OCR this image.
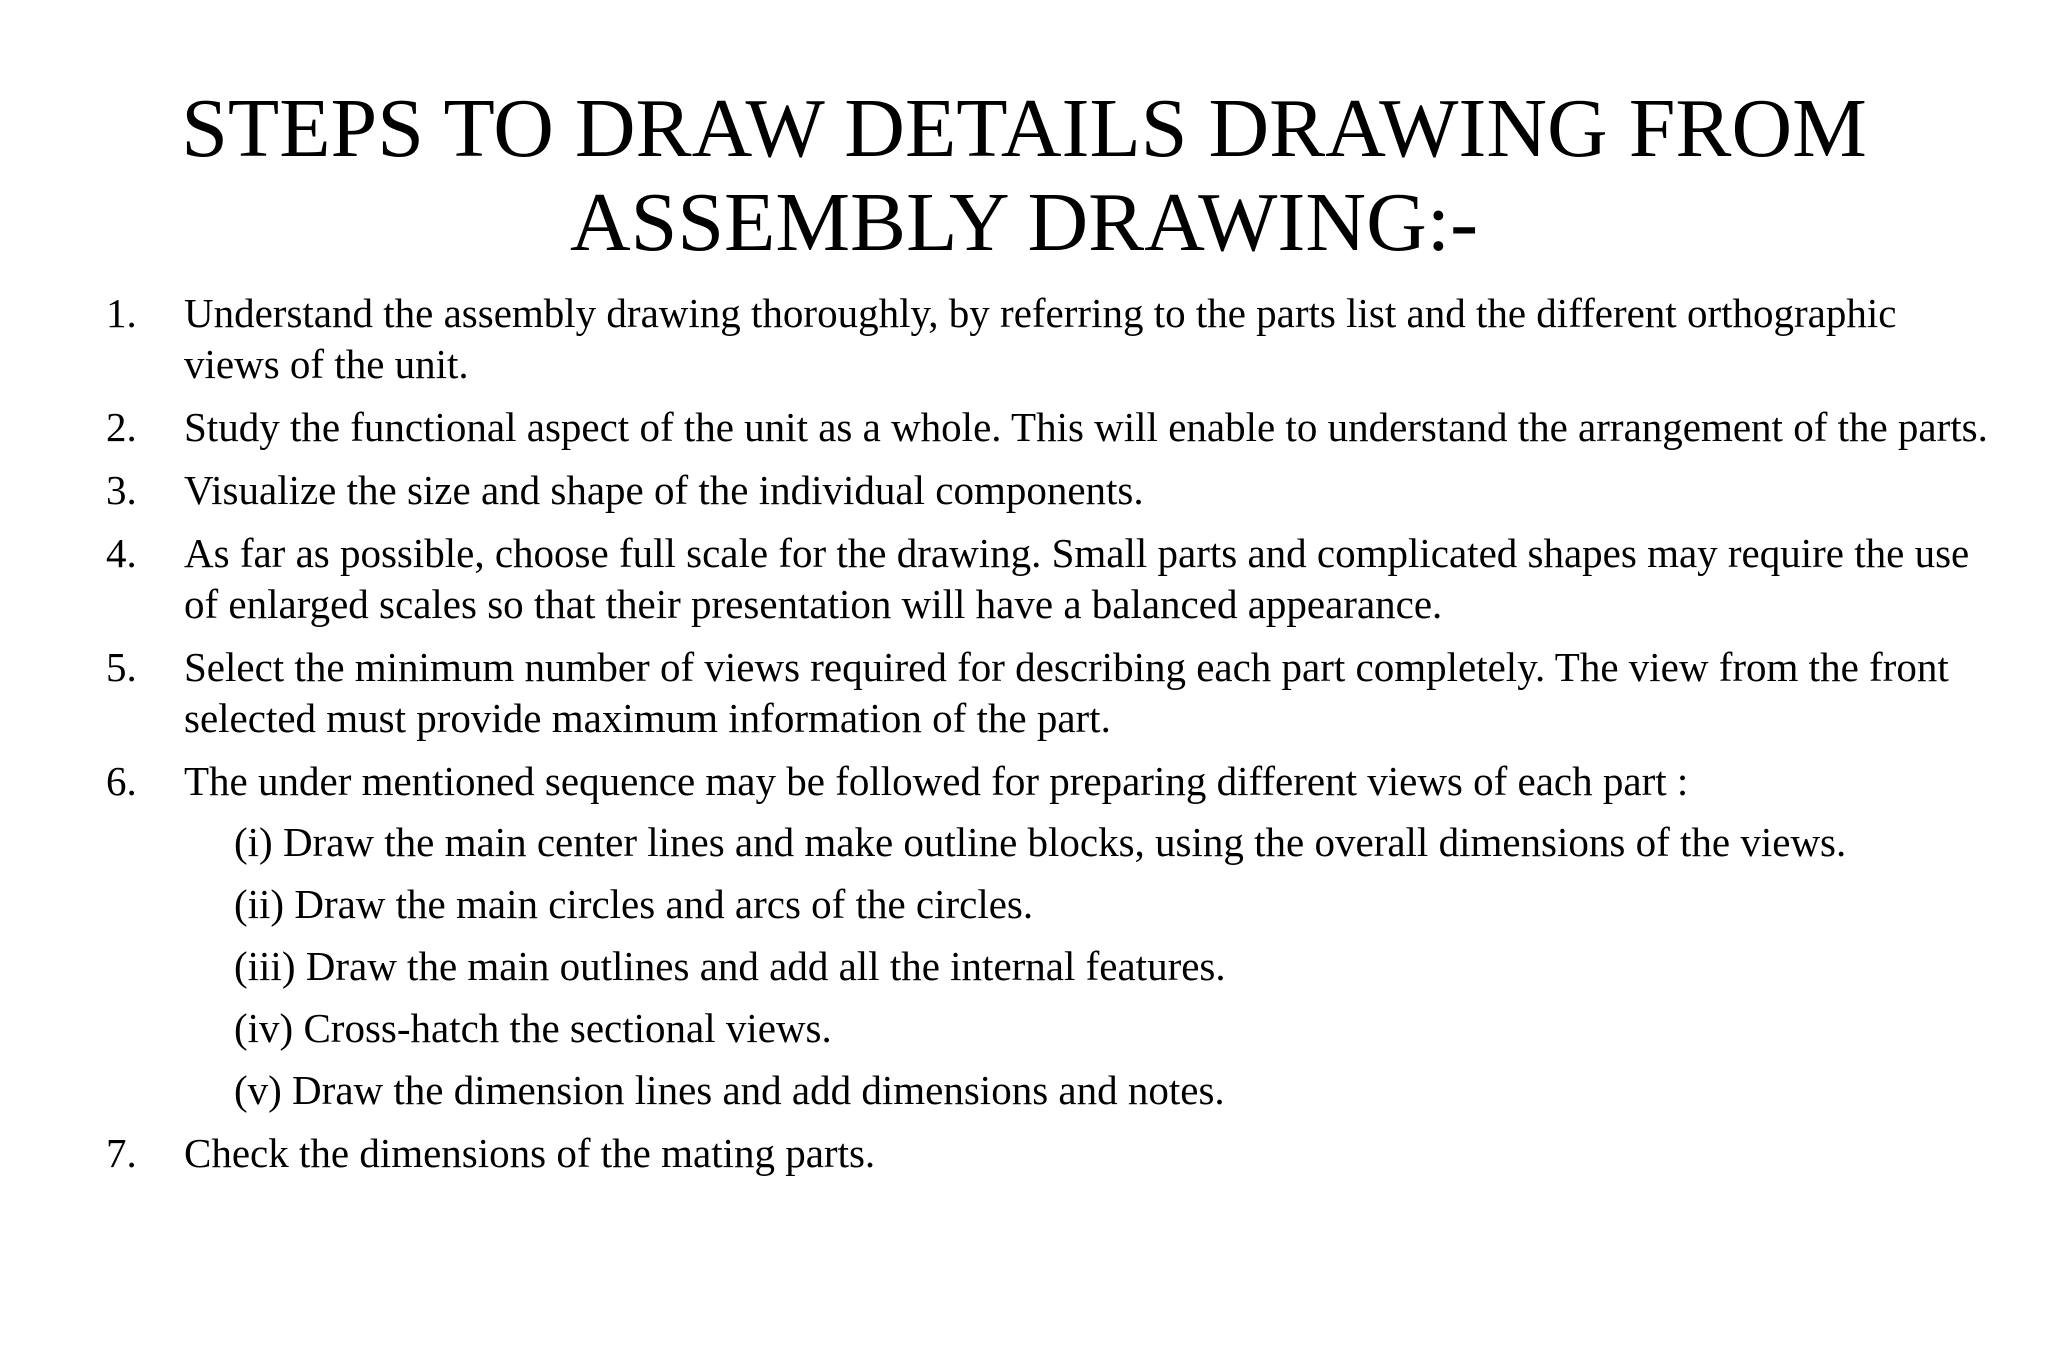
STEPS TO DRAW DETAILS DRAWING FROM
ASSEMBLY DRAWING:-
1. Understand the assembly drawing thoroughly, by referring to the parts list and the different orthographic views of the unit.
2. Study the functional aspect of the unit as a whole. This will enable to understand the arrangement of the parts.
3. Visualize the size and shape of the individual components.
4. As far as possible, choose full scale for the drawing. Small parts and complicated shapes may require the use of enlarged scales so that their presentation will have a balanced appearance.
5. Select the minimum number of views required for describing each part completely. The view from the front selected must provide maximum information of the part.
6. The under mentioned sequence may be followed for preparing different views of each part :
(i) Draw the main center lines and make outline blocks, using the overall dimensions of the views.
(ii) Draw the main circles and arcs of the circles.
(iii) Draw the main outlines and add all the internal features.
(iv) Cross-hatch the sectional views.
(v) Draw the dimension lines and add dimensions and notes.
7. Check the dimensions of the mating parts.
